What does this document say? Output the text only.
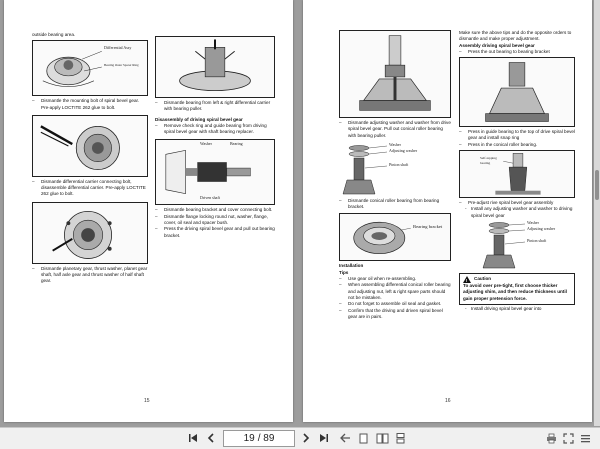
outside bearing area.

Differential Assy
Bearing Outer Spacer Ring

– Dismantle the mounting bolt of spiral bevel gear. Pre-apply LOCTITE 262 glue to bolt.

– Dismantle differential carrier connecting bolt, disassemble differential carrier. Pre-apply LOCTITE 262 glue to bolt.

– Dismantle planetary gear, thrust washer, planet gear shaft, half axle gear and thrust washer of half shaft gear.

– Dismantle bearing from left & right differential carrier with bearing puller.

Disassembly of driving spiral bevel gear

– Remove check ring and guide bearing from driving spiral bevel gear with shaft bearing replacer.

Washer	Bearing
Driven shaft

– Dismantle bearing bracket and cover connecting bolt.

– Dismantle flange locking round nut, washer, flange, cover, oil seal and spacer bush.

– Press the driving spiral bevel gear and pull out bearing bracket.

15

– Dismantle adjusting washer and washer from drive spiral bevel gear. Pull out conical roller bearing with bearing puller.

Washer
Adjusting washer
Pinion shaft

– Dismantle conical roller bearing from bearing bracket.

Bearing bracket

Installation

Tips

– Use gear oil when re-assembling.

– When assembling differential conical roller bearing and adjusting nut, left & right spare parts should not be mistaken.

– Do not forget to assemble oil seal and gasket.

– Confirm that the driving and driven spiral bevel gear are in pairs.

Make sure the above tips and do the opposite orders to dismantle and make proper adjustment.

Assembly driving spiral bevel gear

– Press the out bearing to bearing bracket

– Press in guide bearing to the top of drive spiral bevel gear and install snap ring

– Press in the conical roller bearing.

Self-tapping bearing

– Pre-adjust rive spiral bevel gear assembly

- Install any adjusting washer and washer to driving spiral bevel gear

Washer
Adjusting washer
Pinion shaft
!
Caution

To avoid over pre-tight, first choose thicker adjusting shim, and then reduce thickness until gain proper pretension force.

- Install driving spiral bevel gear into

16
19 / 89
